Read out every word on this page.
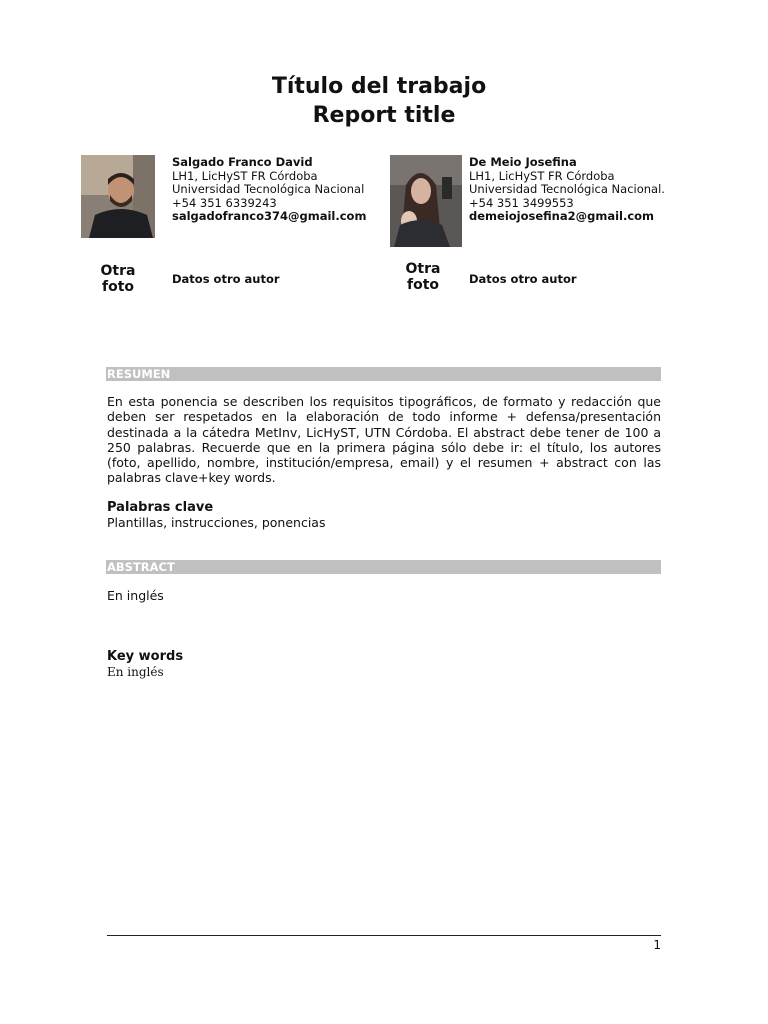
Título del trabajo
Report title
Salgado Franco David
LH1, LicHyST FR Córdoba
Universidad Tecnológica Nacional
+54 351 6339243
salgadofranco374@gmail.com
De Meio Josefina
LH1, LicHyST FR Córdoba
Universidad Tecnológica Nacional.
+54 351 3499553
demeiojosefina2@gmail.com
Otra
foto	Datos otro autor
Otra
foto	Datos otro autor
RESUMEN
En esta ponencia se describen los requisitos tipográficos, de formato y redacción que deben ser respetados en la elaboración de todo informe + defensa/presentación destinada a la cátedra MetInv, LicHyST, UTN Córdoba. El abstract debe tener de 100 a 250 palabras. Recuerde que en la primera página sólo debe ir: el título, los autores (foto, apellido, nombre, institución/empresa, email) y el resumen + abstract con las palabras clave+key words.
Palabras clave
Plantillas, instrucciones, ponencias
ABSTRACT
En inglés
Key words
En inglés
1
